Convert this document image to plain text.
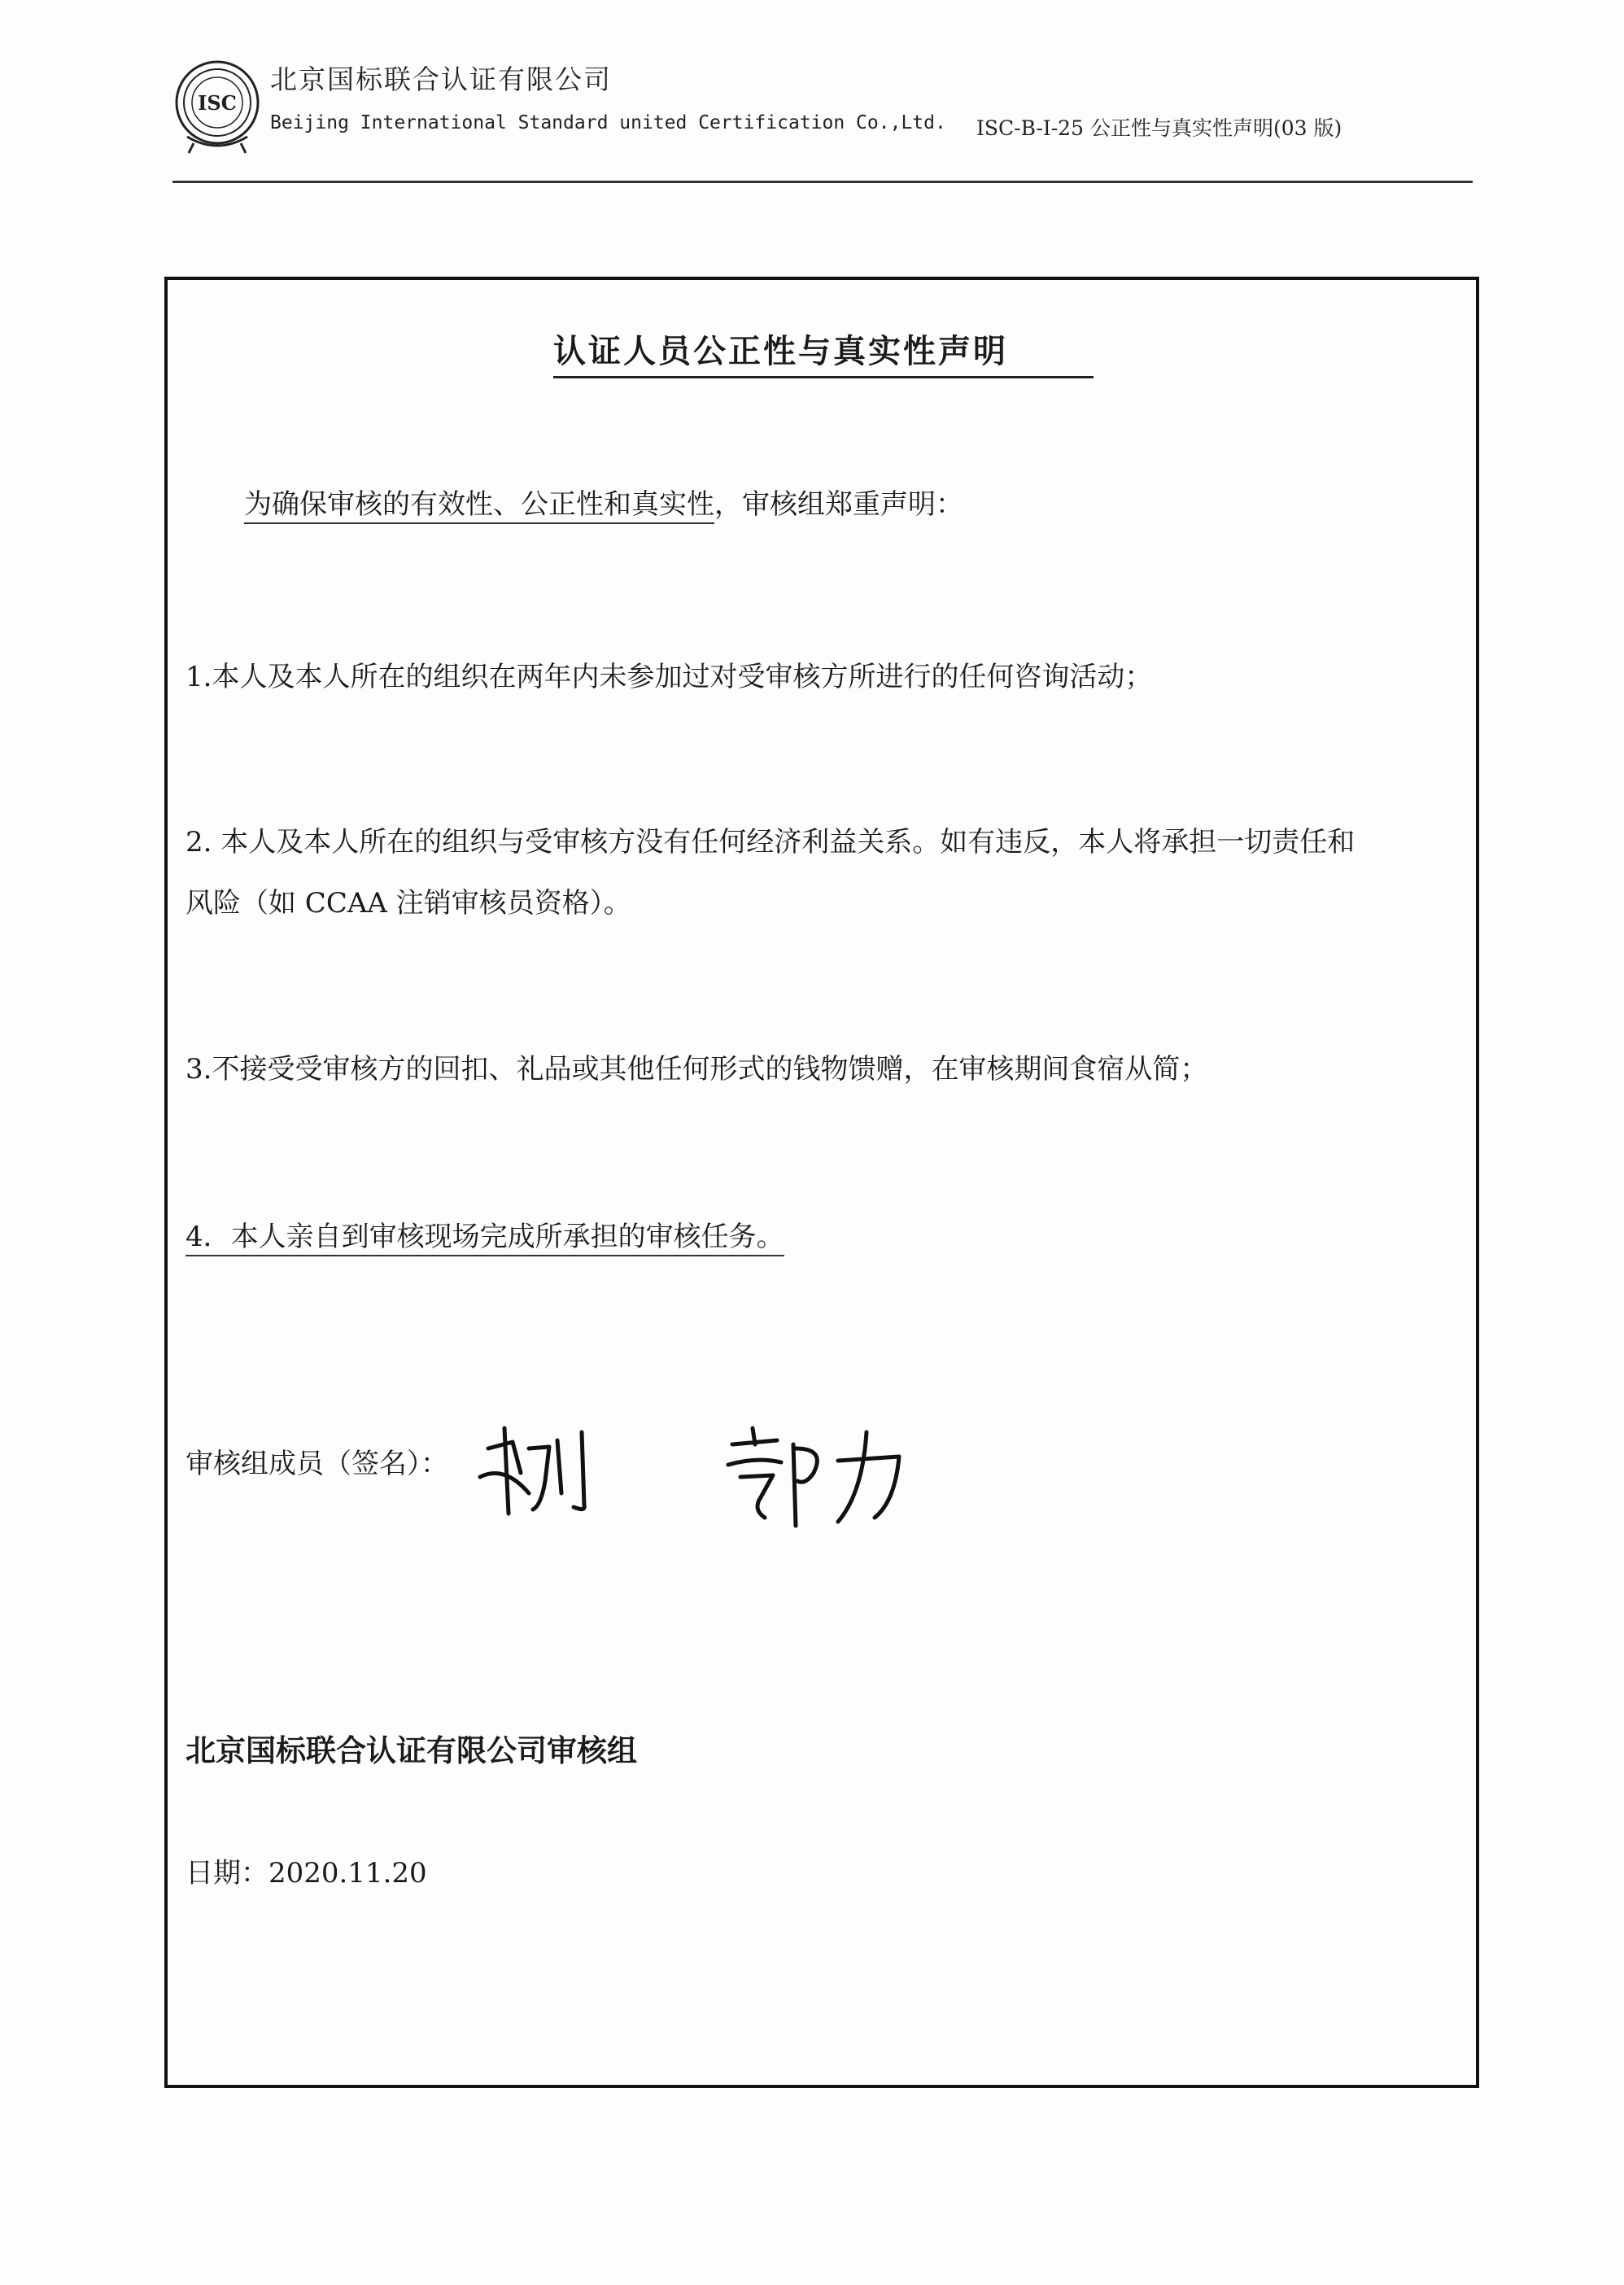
ISC
北京国标联合认证有限公司
Beijing International Standard united Certification Co.,Ltd. ISC-B-I-25 公正性与真实性声明(03 版)
认证人员公正性与真实性声明
为确保审核的有效性、公正性和真实性，审核组郑重声明：
1.本人及本人所在的组织在两年内未参加过对受审核方所进行的任何咨询活动；
2. 本人及本人所在的组织与受审核方没有任何经济利益关系。如有违反，本人将承担一切责任和
风险（如 CCAA 注销审核员资格）。
3.不接受受审核方的回扣、礼品或其他任何形式的钱物馈赠，在审核期间食宿从简；
4．本人亲自到审核现场完成所承担的审核任务。
审核组成员（签名）：
北京国标联合认证有限公司审核组
日期：2020.11.20
